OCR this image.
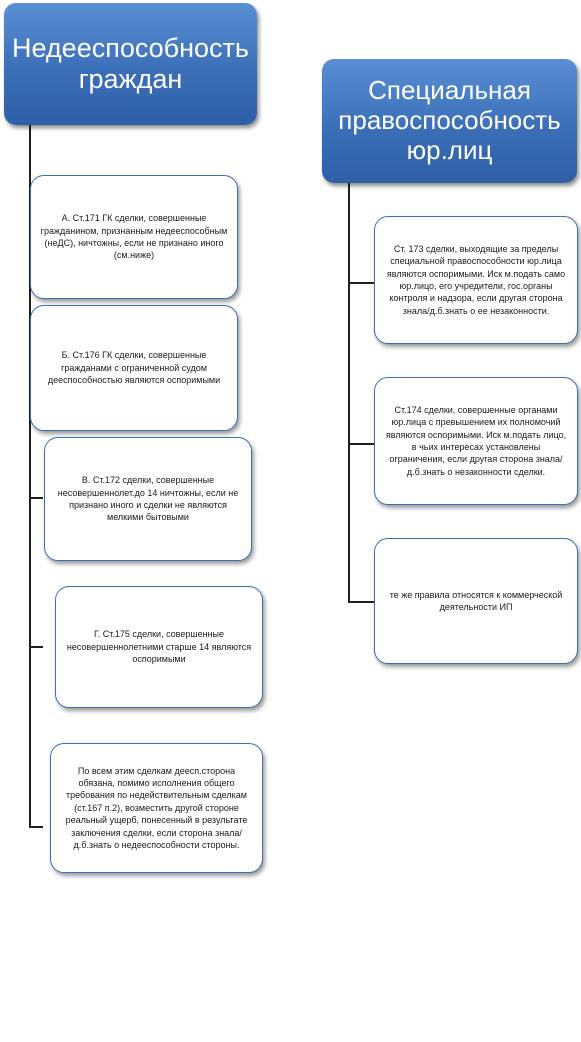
Недееспособность граждан
А. Ст.171 ГК сделки, совершенные гражданином, признанным недееспособным (неДС), ничтожны, если не признано иного (см.ниже)
Б. Ст.176 ГК сделки, совершенные гражданами с ограниченной судом дееспособностью являются оспоримыми
В. Ст.172 сделки, совершенные несовершеннолет.до 14 ничтожны, если не признано иного и сделки не являются мелкими бытовыми
Г. Ст.175 сделки, совершенные несовершеннолетними старше 14 являются оспоримыми
По всем этим сделкам деесп.сторона обязана, помимо исполнения общего требования по недействительным сделкам (ст.167 п.2), возместить другой стороне реальный ущерб, понесенный в результате заключения сделки, если сторона знала/д.б.знать о недееспособности стороны.
Специальная правоспособность юр.лиц
Ст. 173 сделки, выходящие за пределы специальной правоспособности юр.лица являются оспоримыми. Иск м.подать само юр.лицо, его учредители, гос.органы контроля и надзора, если другая сторона знала/д.б.знать о ее незаконности.
Ст.174 сделки, совершенные органами юр.лица с превышением их полномочий являются оспоримыми. Иск м.подать лицо, в чьих интересах установлены ограничения, если другая сторона знала/д.б.знать о незаконности сделки.
те же правила относятся к коммерческой деятельности ИП
